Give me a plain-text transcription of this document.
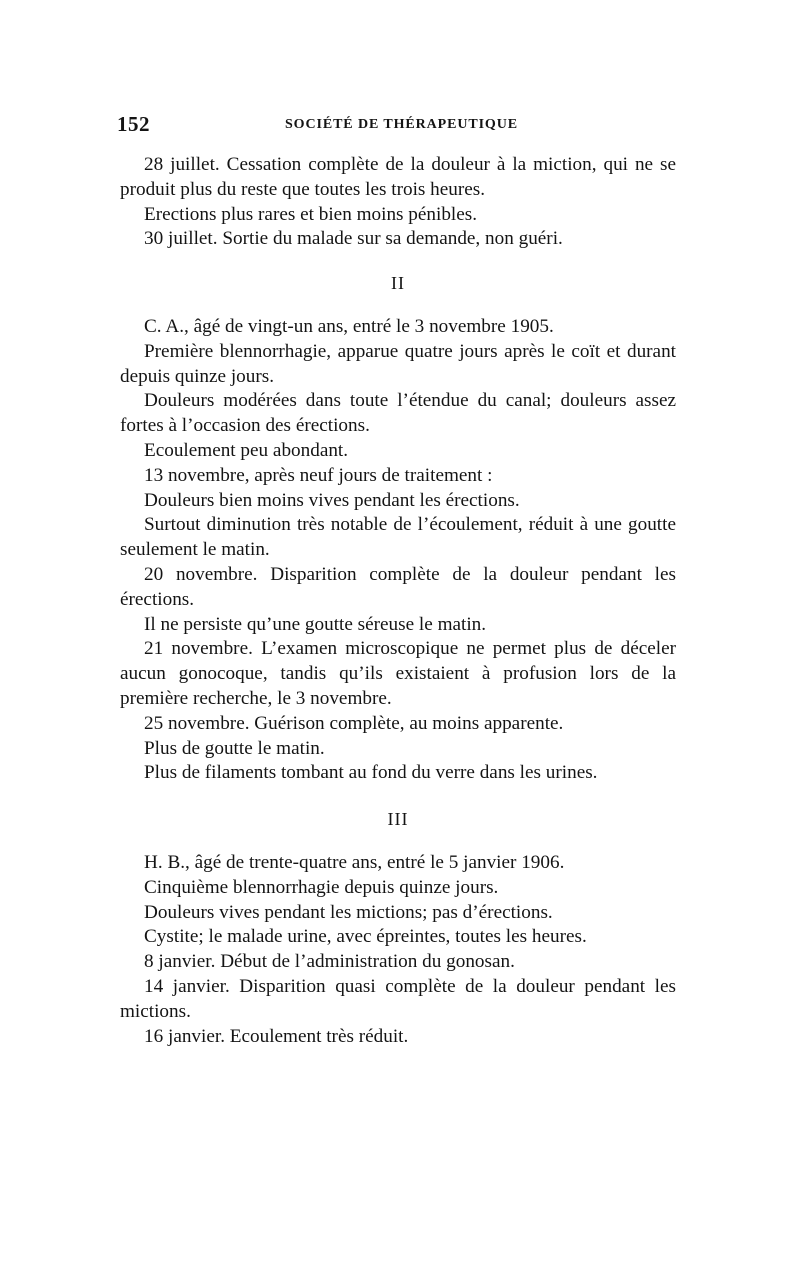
152	SOCIÉTÉ DE THÉRAPEUTIQUE

28 juillet. Cessation complète de la douleur à la miction, qui ne se produit plus du reste que toutes les trois heures.

Erections plus rares et bien moins pénibles.

30 juillet. Sortie du malade sur sa demande, non guéri.

II

C. A., âgé de vingt-un ans, entré le 3 novembre 1905.

Première blennorrhagie, apparue quatre jours après le coït et durant depuis quinze jours.

Douleurs modérées dans toute l’étendue du canal; douleurs assez fortes à l’occasion des érections.

Ecoulement peu abondant.

13 novembre, après neuf jours de traitement :

Douleurs bien moins vives pendant les érections.

Surtout diminution très notable de l’écoulement, réduit à une goutte seulement le matin.

20 novembre. Disparition complète de la douleur pendant les érections.

Il ne persiste qu’une goutte séreuse le matin.

21 novembre. L’examen microscopique ne permet plus de déceler aucun gonocoque, tandis qu’ils existaient à profusion lors de la première recherche, le 3 novembre.

25 novembre. Guérison complète, au moins apparente.

Plus de goutte le matin.

Plus de filaments tombant au fond du verre dans les urines.

III

H. B., âgé de trente-quatre ans, entré le 5 janvier 1906.

Cinquième blennorrhagie depuis quinze jours.

Douleurs vives pendant les mictions; pas d’érections.

Cystite; le malade urine, avec épreintes, toutes les heures.

8 janvier. Début de l’administration du gonosan.

14 janvier. Disparition quasi complète de la douleur pendant les mictions.

16 janvier. Ecoulement très réduit.
